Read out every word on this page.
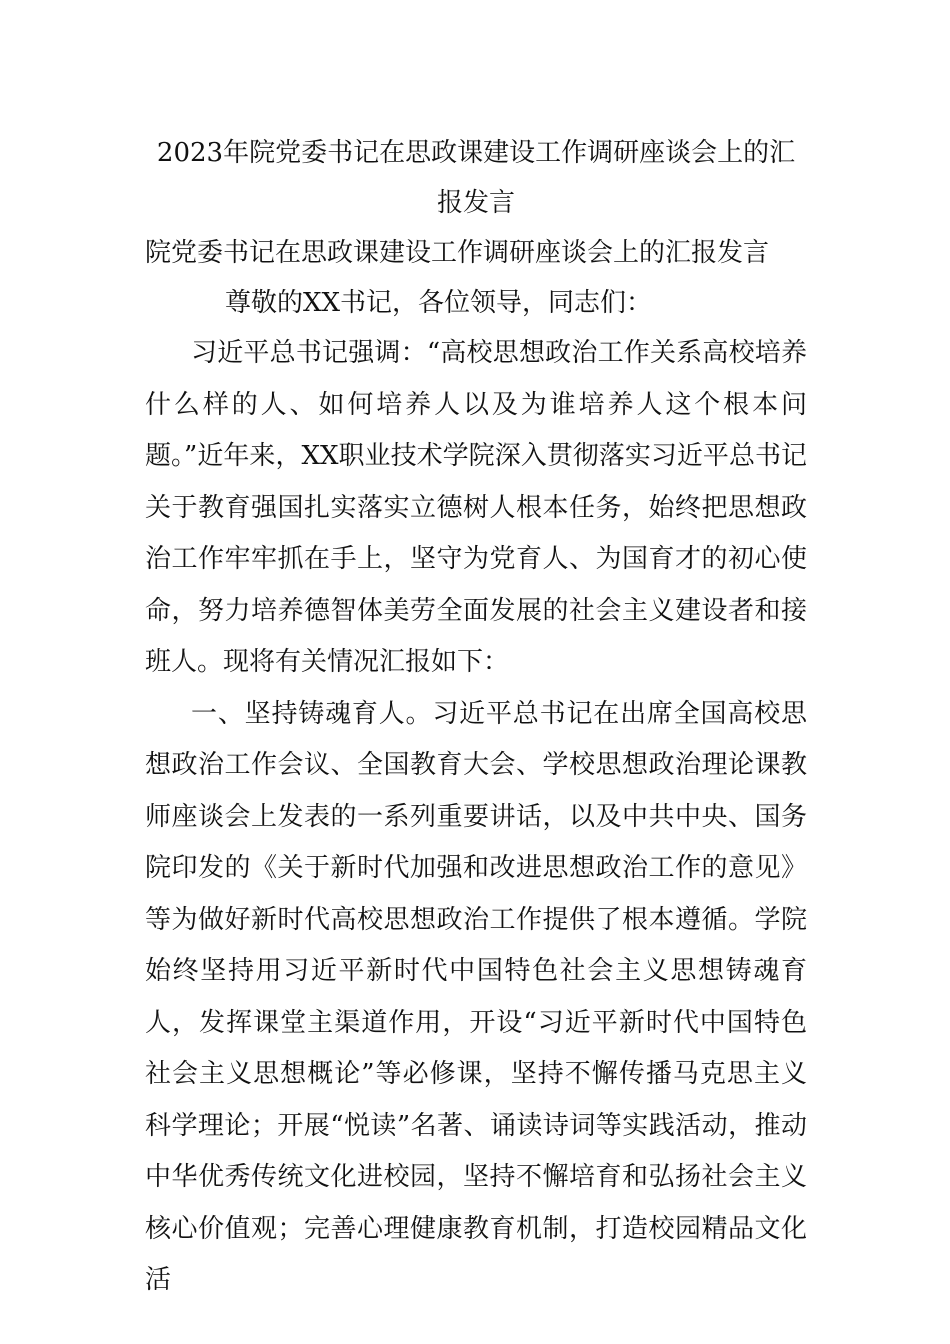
2023年院党委书记在思政课建设工作调研座谈会上的汇报发言

院党委书记在思政课建设工作调研座谈会上的汇报发言

尊敬的XX书记，各位领导，同志们：

习近平总书记强调：“高校思想政治工作关系高校培养什么样的人、如何培养人以及为谁培养人这个根本问题。”近年来，XX职业技术学院深入贯彻落实习近平总书记关于教育强国扎实落实立德树人根本任务，始终把思想政治工作牢牢抓在手上，坚守为党育人、为国育才的初心使命，努力培养德智体美劳全面发展的社会主义建设者和接班人。现将有关情况汇报如下：

一、坚持铸魂育人。习近平总书记在出席全国高校思想政治工作会议、全国教育大会、学校思想政治理论课教师座谈会上发表的一系列重要讲话，以及中共中央、国务院印发的《关于新时代加强和改进思想政治工作的意见》等为做好新时代高校思想政治工作提供了根本遵循。学院始终坚持用习近平新时代中国特色社会主义思想铸魂育人，发挥课堂主渠道作用，开设“习近平新时代中国特色社会主义思想概论”等必修课，坚持不懈传播马克思主义科学理论；开展“悦读”名著、诵读诗词等实践活动，推动中华优秀传统文化进校园，坚持不懈培育和弘扬社会主义核心价值观；完善心理健康教育机制，打造校园精品文化活
